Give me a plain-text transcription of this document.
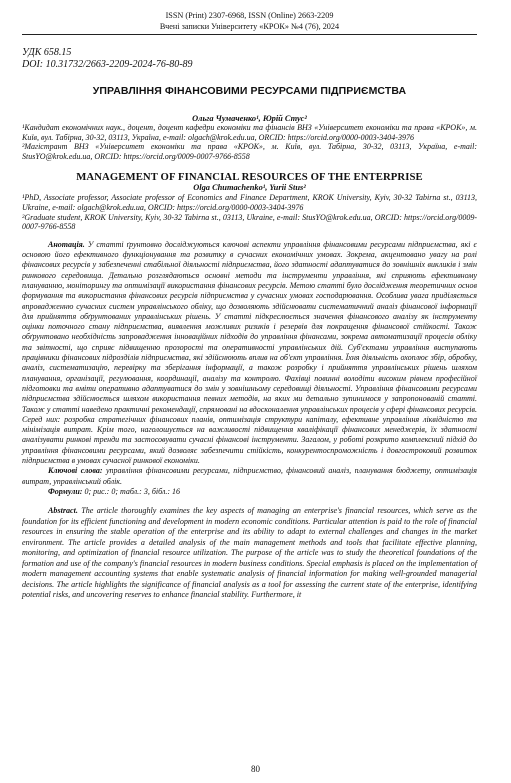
ISSN (Print) 2307-6968, ISSN (Online) 2663-2209
Вчені записки Університету «КРОК» №4 (76), 2024
УДК 658.15
DOI: 10.31732/2663-2209-2024-76-80-89
УПРАВЛІННЯ ФІНАНСОВИМИ РЕСУРСАМИ ПІДПРИЄМСТВА
Ольга Чумаченко¹, Юрій Стус²
¹Кандидат економічних наук., доцент, доцент кафедри економіки та фінансів ВНЗ «Університет економіки та права «КРОК», м. Київ, вул. Табірна, 30-32, 03113, Україна, e-mail: olgach@krok.edu.ua, ORCID: https://orcid.org/0000-0003-3404-3976
²Магістрант ВНЗ «Університет економіки та права «КРОК», м. Київ, вул. Табірна, 30-32, 03113, Україна, e-mail: StusYO@krok.edu.ua, ORCID: https://orcid.org/0009-0007-9766-8558
MANAGEMENT OF FINANCIAL RESOURCES OF THE ENTERPRISE
Olga Chumachenko¹, Yurii Stus²
¹PhD, Associate professor, Associate professor of Economics and Finance Department, KROK University, Kyiv, 30-32 Tabirna st., 03113, Ukraine, e-mail: olgach@krok.edu.ua, ORCID: https://orcid.org/0000-0003-3404-3976
²Graduate student, KROK University, Kyiv, 30-32 Tabirna st., 03113, Ukraine, e-mail: StusYO@krok.edu.ua, ORCID: https://orcid.org/0009-0007-9766-8558
Анотація. У статті ґрунтовно досліджуються ключові аспекти управління фінансовими ресурсами підприємства, які є основою його ефективного функціонування та розвитку в сучасних економічних умовах. Зокрема, акцентовано увагу на ролі фінансових ресурсів у забезпеченні стабільної діяльності підприємства, його здатності адаптуватися до зовнішніх викликів і змін ринкового середовища. Детально розглядаються основні методи та інструменти управління, які сприяють ефективному плануванню, моніторингу та оптимізації використання фінансових ресурсів. Метою статті було дослідження теоретичних основ формування та використання фінансових ресурсів підприємства у сучасних умовах господарювання. Особлива увага приділяється впровадженню сучасних систем управлінського обліку, що дозволяють здійснювати систематичний аналіз фінансової інформації для прийняття обґрунтованих управлінських рішень. У статті підкреслюється значення фінансового аналізу як інструменту оцінки поточного стану підприємства, виявлення можливих ризиків і резервів для покращення фінансової стійкості. Також обґрунтовано необхідність запровадження інноваційних підходів до управління фінансами, зокрема автоматизації процесів обліку та звітності, що сприяє підвищенню прозорості та оперативності управлінських дій. Суб'єктами управління виступають працівники фінансових підрозділів підприємства, які здійснюють вплив на об'єкт управління. Їхня діяльність охоплює збір, обробку, аналіз, систематизацію, перевірку та зберігання інформації, а також розробку і прийняття управлінських рішень шляхом планування, організації, регулювання, координації, аналізу та контролю. Фахівці повинні володіти високим рівнем професійної підготовки та вміти оперативно адаптуватися до змін у зовнішньому середовищі діяльності. Управління фінансовими ресурсами підприємства здійснюється шляхом використання певних методів, на яких ми детально зупинимося у запропонованій статті. Також у статті наведено практичні рекомендації, спрямовані на вдосконалення управлінських процесів у сфері фінансових ресурсів. Серед них: розробка стратегічних фінансових планів, оптимізація структури капіталу, ефективне управління ліквідністю та мінімізація витрат. Крім того, наголошується на важливості підвищення кваліфікації фінансових менеджерів, їх здатності аналізувати ринкові тренди та застосовувати сучасні фінансові інструменти. Загалом, у роботі розкрито комплексний підхід до управління фінансовими ресурсами, який дозволяє забезпечити стійкість, конкурентоспроможність і довгостроковий розвиток підприємства в умовах сучасної ринкової економіки.
Ключові слова: управління фінансовими ресурсами, підприємство, фінансовий аналіз, планування бюджету, оптимізація витрат, управлінський облік.
Формули: 0; рис.: 0; табл.: 3, бібл.: 16
Abstract. The article thoroughly examines the key aspects of managing an enterprise's financial resources, which serve as the foundation for its efficient functioning and development in modern economic conditions. Particular attention is paid to the role of financial resources in ensuring the stable operation of the enterprise and its ability to adapt to external challenges and changes in the market environment. The article provides a detailed analysis of the main management methods and tools that facilitate effective planning, monitoring, and optimization of financial resource utilization. The purpose of the article was to study the theoretical foundations of the formation and use of the company's financial resources in modern business conditions. Special emphasis is placed on the implementation of modern management accounting systems that enable systematic analysis of financial information for making well-grounded managerial decisions. The article highlights the significance of financial analysis as a tool for assessing the current state of the enterprise, identifying potential risks, and uncovering reserves to enhance financial stability. Furthermore, it
80
